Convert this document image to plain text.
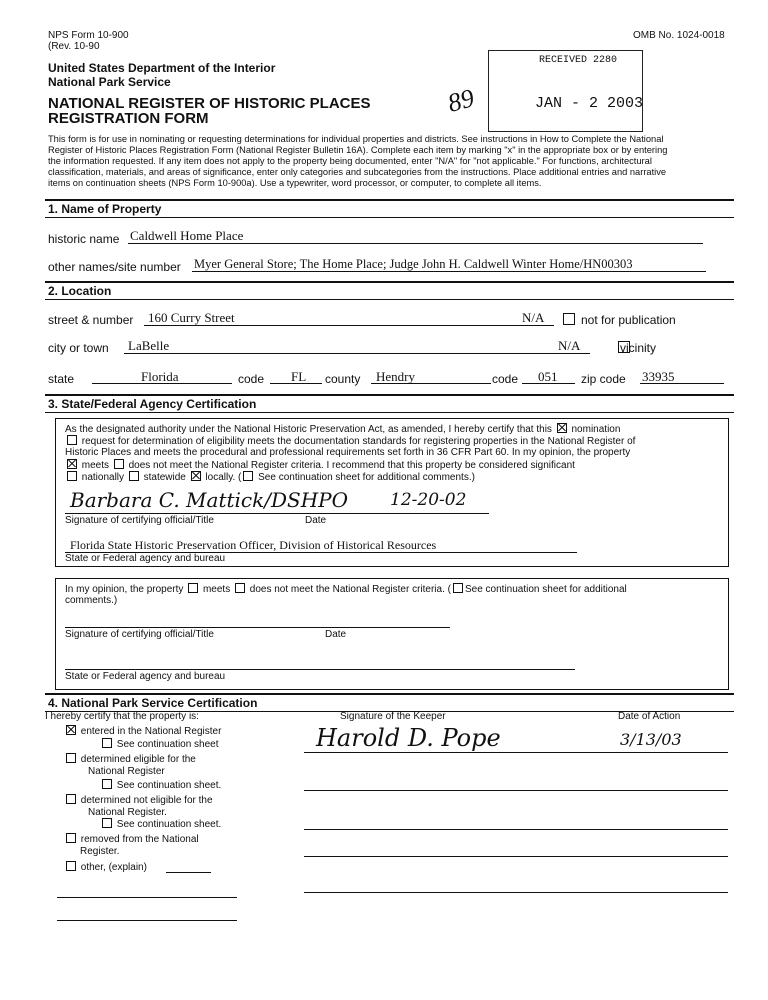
NPS Form 10-900
(Rev. 10-90
OMB No. 1024-0018
United States Department of the Interior
National Park Service
NATIONAL REGISTER OF HISTORIC PLACES
REGISTRATION FORM
89
RECEIVED 2280
JAN - 2 2003
This form is for use in nominating or requesting determinations for individual properties and districts. See instructions in How to Complete the National
Register of Historic Places Registration Form (National Register Bulletin 16A). Complete each item by marking "x" in the appropriate box or by entering
the information requested. If any item does not apply to the property being documented, enter "N/A" for "not applicable." For functions, architectural
classification, materials, and areas of significance, enter only categories and subcategories from the instructions. Place additional entries and narrative
items on continuation sheets (NPS Form 10-900a). Use a typewriter, word processor, or computer, to complete all items.
1. Name of Property
historic name Caldwell Home Place
other names/site number Myer General Store; The Home Place; Judge John H. Caldwell Winter Home/HN00303
2. Location
street & number 160 Curry Street	N/A
	not for publication
city or town LaBelle	N/A	vicinity
state	Florida	code FL county Hendry	code 051 zip code 33935
3. State/Federal Agency Certification
As the designated authority under the National Historic Preservation Act, as amended, I hereby certify that this nomination
request for determination of eligibility meets the documentation standards for registering properties in the National Register of
Historic Places and meets the procedural and professional requirements set forth in 36 CFR Part 60. In my opinion, the property
meets does not meet the National Register criteria. I recommend that this property be considered significant
nationally statewide locally. ( See continuation sheet for additional comments.)
Barbara C. Mattick/DSHPO 12-20-02
Signature of certifying official/Title	Date
Florida State Historic Preservation Officer, Division of Historical Resources
State or Federal agency and bureau
In my opinion, the property meets does not meet the National Register criteria. ( See continuation sheet for additional
comments.)
Signature of certifying official/Title	Date
State or Federal agency and bureau
4. National Park Service Certification
I hereby certify that the property is:	Signature of the Keeper	Date of Action
Harold D. Pope	3/13/03
entered in the National Register
See continuation sheet
determined eligible for the
National Register
See continuation sheet.
determined not eligible for the
National Register.
See continuation sheet.
removed from the National
Register.
other, (explain)
